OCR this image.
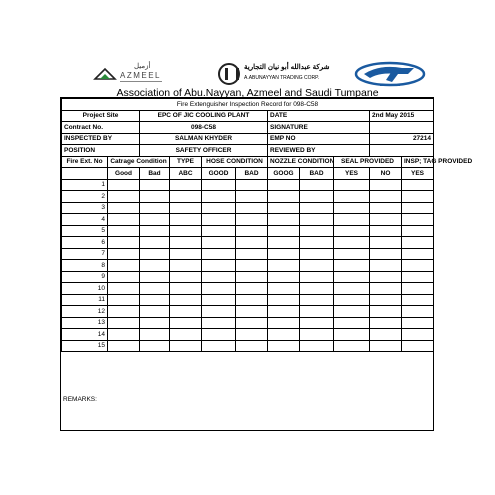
أزميل
AZMEEL
شركة عبدالله أبو نيان التجارية
A.ABUNAYYAN TRADING CORP.
Association of Abu.Nayyan, Azmeel and Saudi Tumpane
Fire Extenguisher Inspection Record for 098-C58											
Project Site		EPC OF JIC COOLING PLANT				DATE			2nd May 2015		
Contract No.		098-C58				SIGNATURE					
INSPECTED BY		SALMAN KHYDER				EMP NO			27214		
POSITION		SAFETY OFFICER				REVIEWED BY					
Fire Ext. No	Catrage Condition		TYPE	HOSE CONDITION		NOZZLE CONDITION		SEAL PROVIDED		INSP; TAG PROVIDED	
	Good	Bad	ABC	GOOD	BAD	GOOG	BAD	YES	NO	YES	
1											
2											
3											
4											
5											
6											
7											
8											
9											
10											
11											
12											
13											
14											
15											
REMARKS:
